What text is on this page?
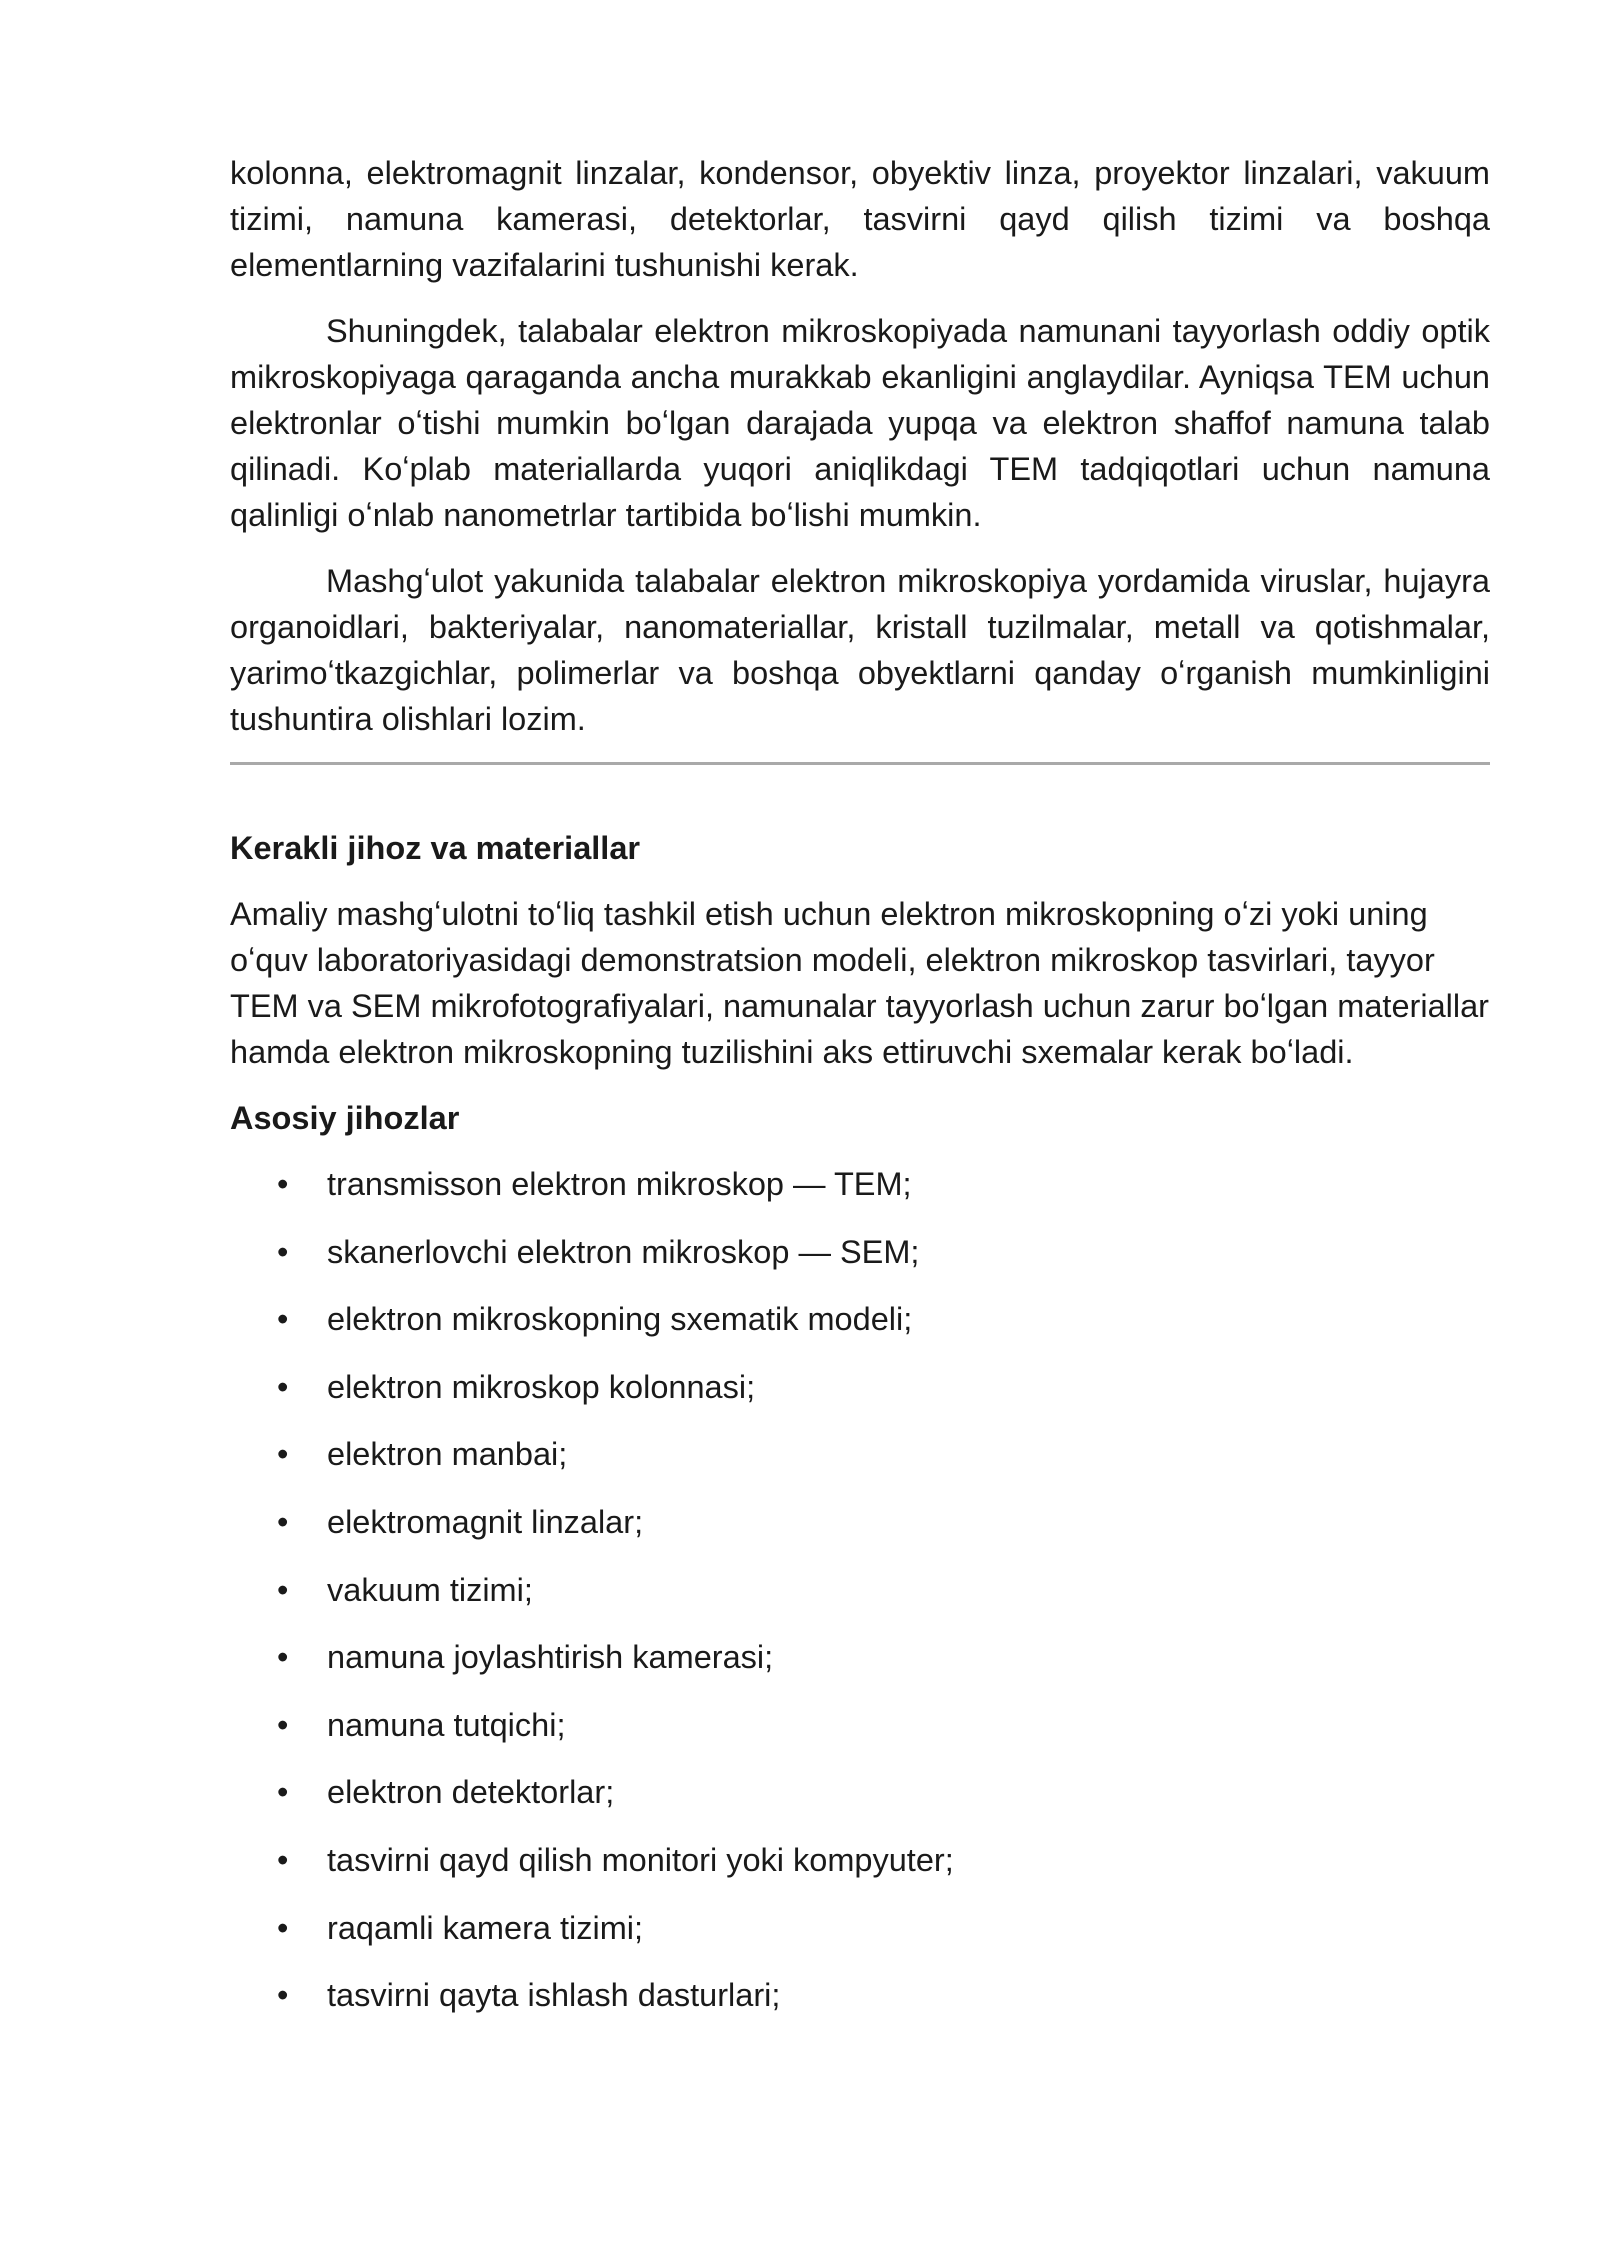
kolonna, elektromagnit linzalar, kondensor, obyektiv linza, proyektor linzalari, vakuum tizimi, namuna kamerasi, detektorlar, tasvirni qayd qilish tizimi va boshqa elementlarning vazifalarini tushunishi kerak.

Shuningdek, talabalar elektron mikroskopiyada namunani tayyorlash oddiy optik mikroskopiyaga qaraganda ancha murakkab ekanligini anglaydilar. Ayniqsa TEM uchun elektronlar oʻtishi mumkin boʻlgan darajada yupqa va elektron shaffof namuna talab qilinadi. Koʻplab materiallarda yuqori aniqlikdagi TEM tadqiqotlari uchun namuna qalinligi oʻnlab nanometrlar tartibida boʻlishi mumkin.

Mashgʻulot yakunida talabalar elektron mikroskopiya yordamida viruslar, hujayra organoidlari, bakteriyalar, nanomateriallar, kristall tuzilmalar, metall va qotishmalar, yarimoʻtkazgichlar, polimerlar va boshqa obyektlarni qanday oʻrganish mumkinligini tushuntira olishlari lozim.

Kerakli jihoz va materiallar

Amaliy mashgʻulotni toʻliq tashkil etish uchun elektron mikroskopning oʻzi yoki uning oʻquv laboratoriyasidagi demonstratsion modeli, elektron mikroskop tasvirlari, tayyor TEM va SEM mikrofotografiyalari, namunalar tayyorlash uchun zarur boʻlgan materiallar hamda elektron mikroskopning tuzilishini aks ettiruvchi sxemalar kerak boʻladi.

Asosiy jihozlar
• transmisson elektron mikroskop — TEM;
• skanerlovchi elektron mikroskop — SEM;
• elektron mikroskopning sxematik modeli;
• elektron mikroskop kolonnasi;
• elektron manbai;
• elektromagnit linzalar;
• vakuum tizimi;
• namuna joylashtirish kamerasi;
• namuna tutqichi;
• elektron detektorlar;
• tasvirni qayd qilish monitori yoki kompyuter;
• raqamli kamera tizimi;
• tasvirni qayta ishlash dasturlari;
